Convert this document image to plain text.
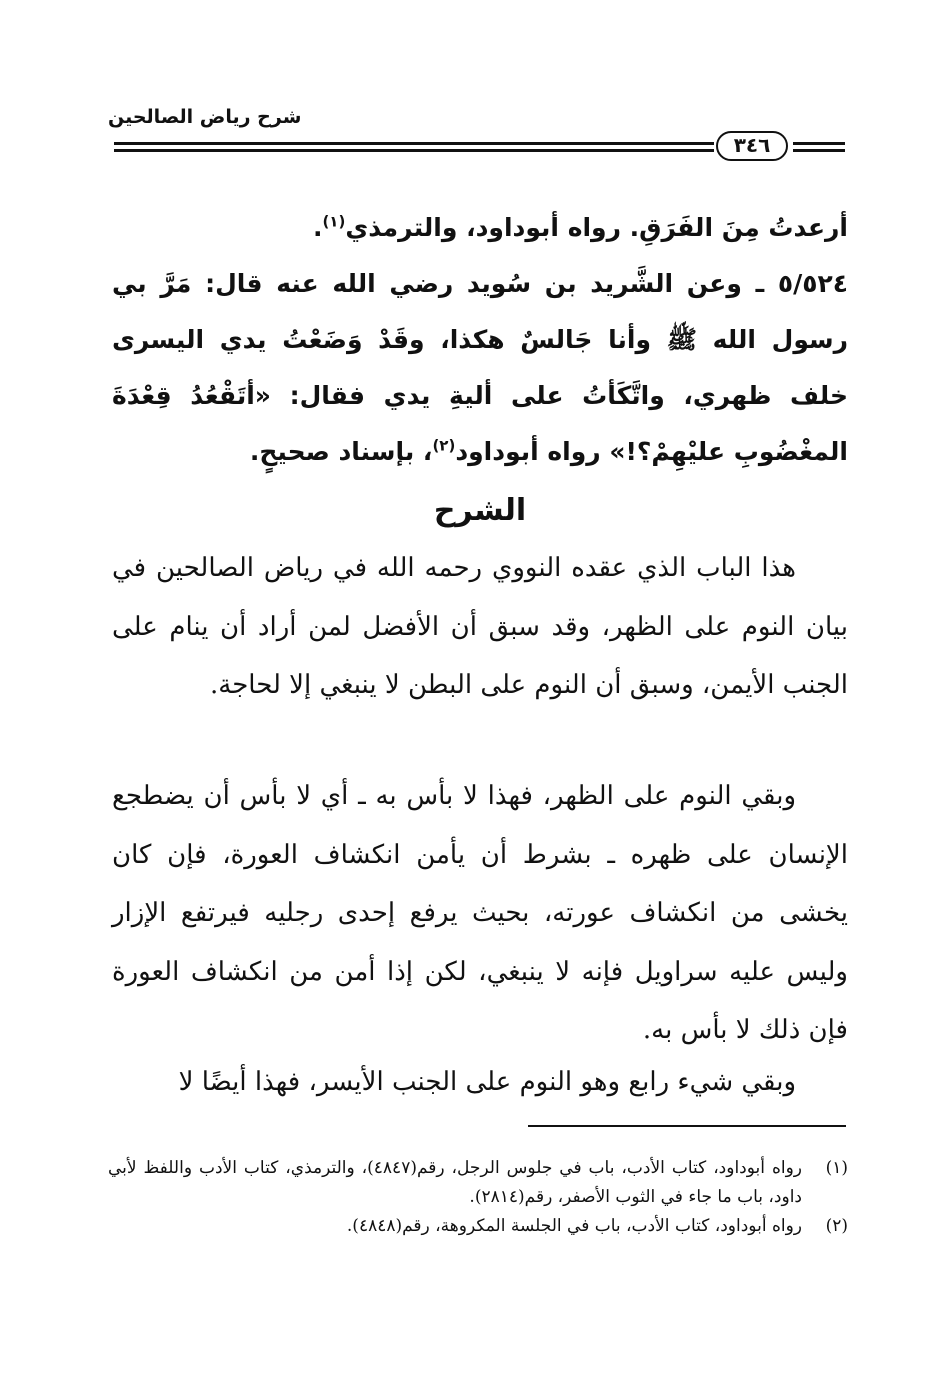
شرح رياض الصالحين
٣٤٦
أرعدتُ مِنَ الفَرَقِ. رواه أبوداود، والترمذي$^{(١)}$.

٥/٥٢٤ ـ وعن الشَّريد بن سُويد رضي الله عنه قال: مَرَّ بي رسول الله ﷺ وأنا جَالسٌ هكذا، وقَدْ وَضَعْتُ يدي اليسرى خلف ظهري، واتَّكَأتُ على أليةِ يدي فقال: «أتَقْعُدُ قِعْدَةَ المغْضُوبِ عليْهِمْ؟!» رواه أبوداود$^{(٢)}$، بإسناد صحيحٍ.

الشرح

هذا الباب الذي عقده النووي رحمه الله في رياض الصالحين في بيان النوم على الظهر، وقد سبق أن الأفضل لمن أراد أن ينام على الجنب الأيمن، وسبق أن النوم على البطن لا ينبغي إلا لحاجة.

وبقي النوم على الظهر، فهذا لا بأس به ـ أي لا بأس أن يضطجع الإنسان على ظهره ـ بشرط أن يأمن انكشاف العورة، فإن كان يخشى من انكشاف عورته، بحيث يرفع إحدى رجليه فيرتفع الإزار وليس عليه سراويل فإنه لا ينبغي، لكن إذا أمن من انكشاف العورة فإن ذلك لا بأس به.

وبقي شيء رابع وهو النوم على الجنب الأيسر، فهذا أيضًا لا

(١)
رواه أبوداود، كتاب الأدب، باب في جلوس الرجل، رقم(٤٨٤٧)، والترمذي، كتاب الأدب واللفظ لأبي داود، باب ما جاء في الثوب الأصفر، رقم(٢٨١٤).
(٢)
رواه أبوداود، كتاب الأدب، باب في الجلسة المكروهة، رقم(٤٨٤٨).
